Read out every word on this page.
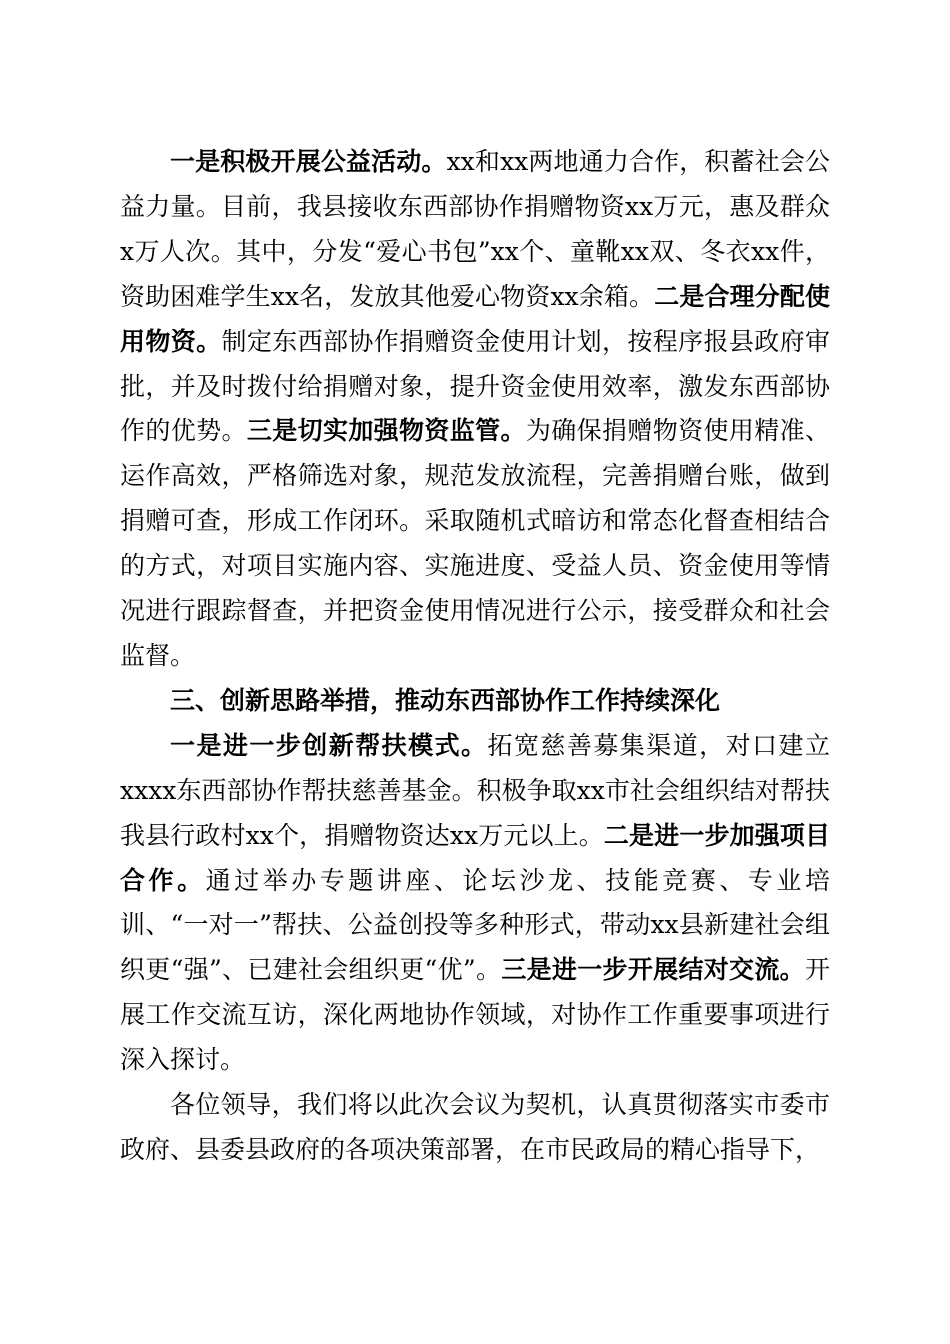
一是积极开展公益活动。xx和xx两地通力合作，积蓄社会公益力量。目前，我县接收东西部协作捐赠物资xx万元，惠及群众x万人次。其中，分发“爱心书包”xx个、童靴xx双、冬衣xx件，资助困难学生xx名，发放其他爱心物资xx余箱。二是合理分配使用物资。制定东西部协作捐赠资金使用计划，按程序报县政府审批，并及时拨付给捐赠对象，提升资金使用效率，激发东西部协作的优势。三是切实加强物资监管。为确保捐赠物资使用精准、运作高效，严格筛选对象，规范发放流程，完善捐赠台账，做到捐赠可查，形成工作闭环。采取随机式暗访和常态化督查相结合的方式，对项目实施内容、实施进度、受益人员、资金使用等情况进行跟踪督查，并把资金使用情况进行公示，接受群众和社会监督。

三、创新思路举措，推动东西部协作工作持续深化

一是进一步创新帮扶模式。拓宽慈善募集渠道，对口建立xxxx东西部协作帮扶慈善基金。积极争取xx市社会组织结对帮扶我县行政村xx个，捐赠物资达xx万元以上。二是进一步加强项目合作。通过举办专题讲座、论坛沙龙、技能竞赛、专业培训、“一对一”帮扶、公益创投等多种形式，带动xx县新建社会组织更“强”、已建社会组织更“优”。三是进一步开展结对交流。开展工作交流互访，深化两地协作领域，对协作工作重要事项进行深入探讨。

各位领导，我们将以此次会议为契机，认真贯彻落实市委市政府、县委县政府的各项决策部署，在市民政局的精心指导下，
